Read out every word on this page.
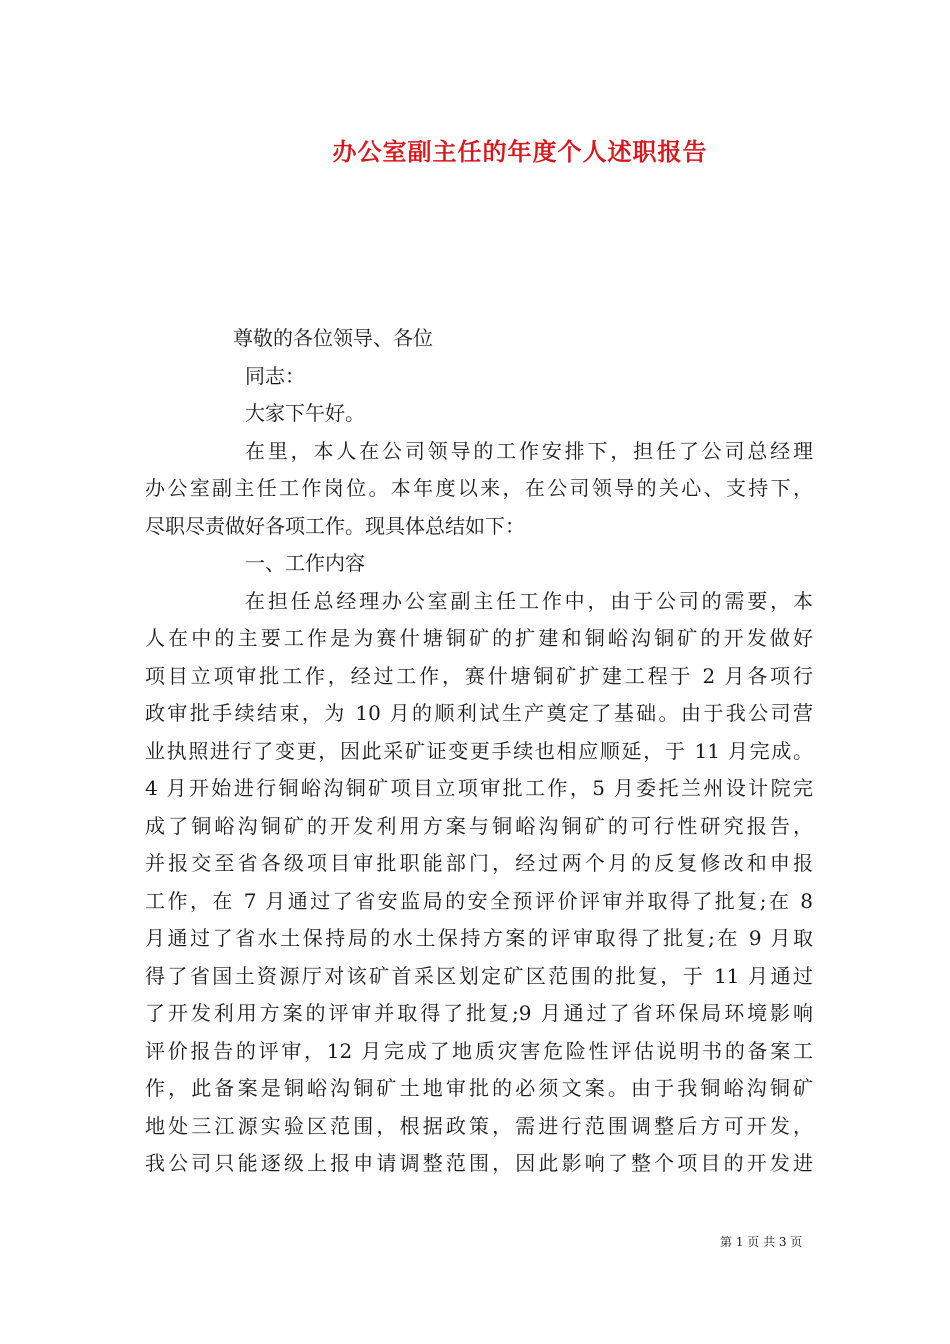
办公室副主任的年度个人述职报告
尊敬的各位领导、各位
同志：
大家下午好。
在里，本人在公司领导的工作安排下，担任了公司总经理
办公室副主任工作岗位。本年度以来，在公司领导的关心、支持下，
尽职尽责做好各项工作。现具体总结如下：
一、工作内容
在担任总经理办公室副主任工作中，由于公司的需要，本
人在中的主要工作是为赛什塘铜矿的扩建和铜峪沟铜矿的开发做好
项目立项审批工作，经过工作，赛什塘铜矿扩建工程于 2 月各项行
政审批手续结束，为 10 月的顺利试生产奠定了基础。由于我公司营
业执照进行了变更，因此采矿证变更手续也相应顺延，于 11 月完成。
4 月开始进行铜峪沟铜矿项目立项审批工作，5 月委托兰州设计院完
成了铜峪沟铜矿的开发利用方案与铜峪沟铜矿的可行性研究报告，
并报交至省各级项目审批职能部门，经过两个月的反复修改和申报
工作，在 7 月通过了省安监局的安全预评价评审并取得了批复;在 8
月通过了省水土保持局的水土保持方案的评审取得了批复;在 9 月取
得了省国土资源厅对该矿首采区划定矿区范围的批复，于 11 月通过
了开发利用方案的评审并取得了批复;9 月通过了省环保局环境影响
评价报告的评审，12 月完成了地质灾害危险性评估说明书的备案工
作，此备案是铜峪沟铜矿土地审批的必须文案。由于我铜峪沟铜矿
地处三江源实验区范围，根据政策，需进行范围调整后方可开发，
我公司只能逐级上报申请调整范围，因此影响了整个项目的开发进
第 1 页 共 3 页
